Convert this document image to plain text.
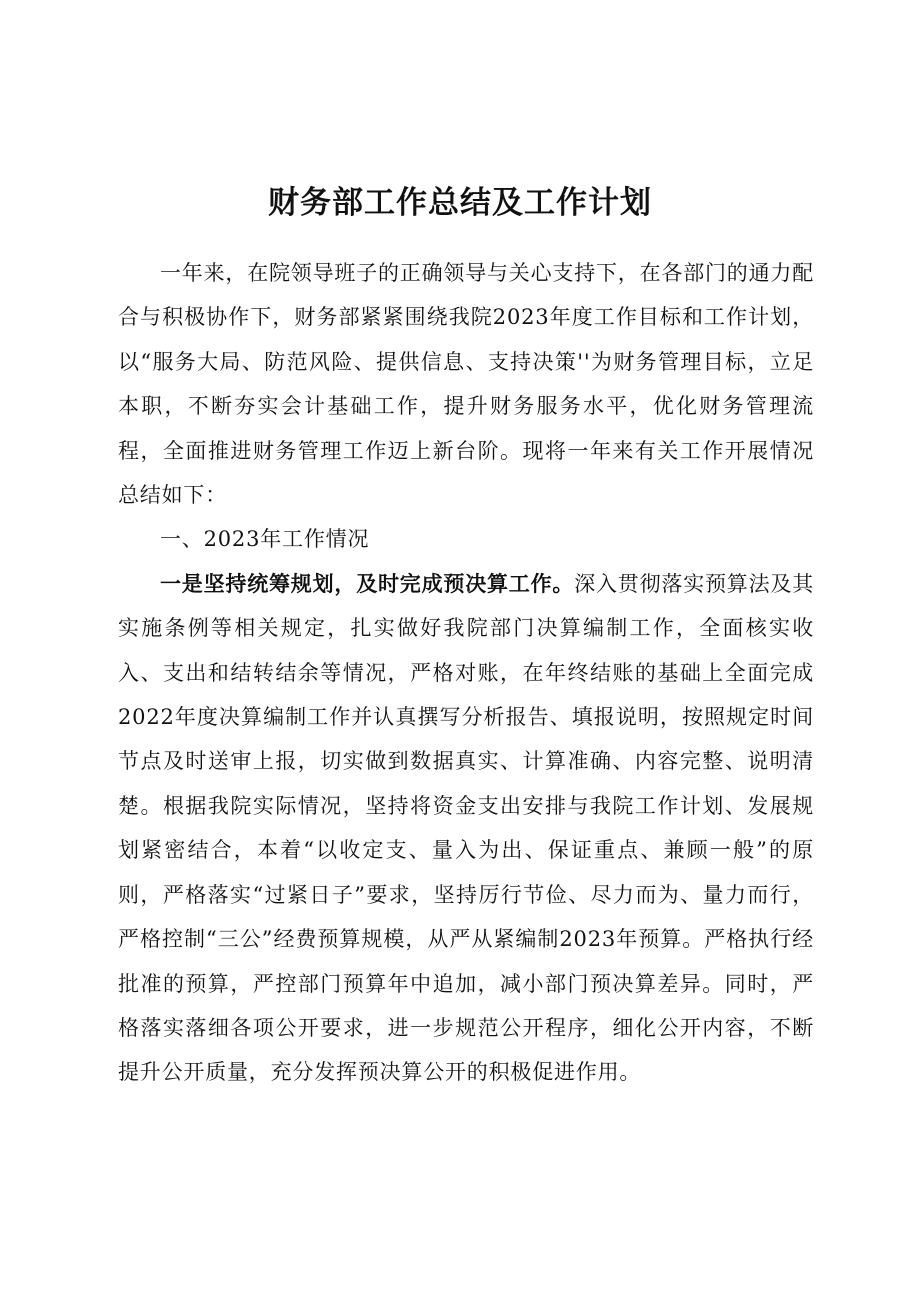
财务部工作总结及工作计划

一年来，在院领导班子的正确领导与关心支持下，在各部门的通力配合与积极协作下，财务部紧紧围绕我院2023年度工作目标和工作计划，以“服务大局、防范风险、提供信息、支持决策''为财务管理目标，立足本职，不断夯实会计基础工作，提升财务服务水平，优化财务管理流程，全面推进财务管理工作迈上新台阶。现将一年来有关工作开展情况总结如下：

一、2023年工作情况

一是坚持统筹规划，及时完成预决算工作。深入贯彻落实预算法及其实施条例等相关规定，扎实做好我院部门决算编制工作，全面核实收入、支出和结转结余等情况，严格对账，在年终结账的基础上全面完成2022年度决算编制工作并认真撰写分析报告、填报说明，按照规定时间节点及时送审上报，切实做到数据真实、计算准确、内容完整、说明清楚。根据我院实际情况，坚持将资金支出安排与我院工作计划、发展规划紧密结合，本着“以收定支、量入为出、保证重点、兼顾一般”的原则，严格落实“过紧日子”要求，坚持厉行节俭、尽力而为、量力而行，严格控制“三公”经费预算规模，从严从紧编制2023年预算。严格执行经批准的预算，严控部门预算年中追加，减小部门预决算差异。同时，严格落实落细各项公开要求，进一步规范公开程序，细化公开内容，不断提升公开质量，充分发挥预决算公开的积极促进作用。
